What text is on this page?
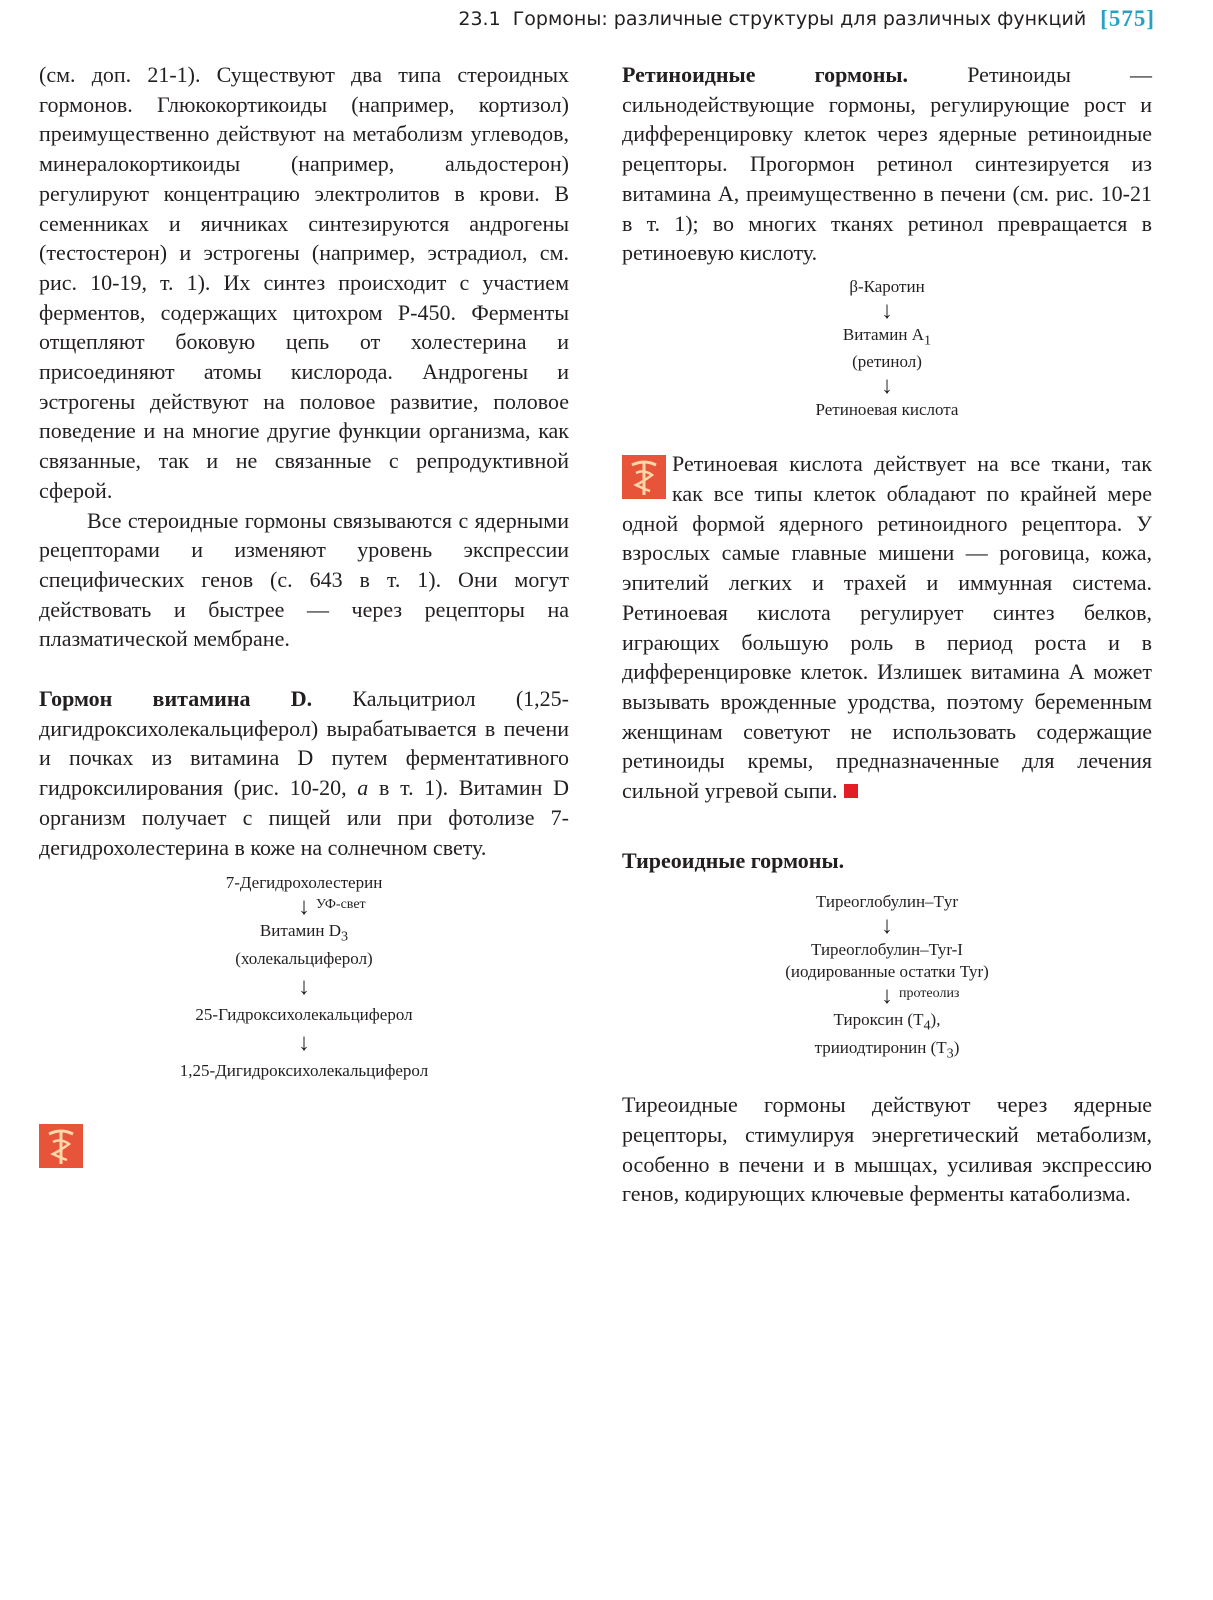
23.1 Гормоны: различные структуры для различных функций [575]

(см. доп. 21-1). Существуют два типа стероидных гормонов. Глюкокортикоиды (например, кортизол) преимущественно действуют на метаболизм углеводов, минералокортикоиды (например, альдостерон) регулируют концентрацию электролитов в крови. В семенниках и яичниках синтезируются андрогены (тестостерон) и эстрогены (например, эстрадиол, см. рис. 10-19, т. 1). Их синтез происходит с участием ферментов, содержащих цитохром Р-450. Ферменты отщепляют боковую цепь от холестерина и присоединяют атомы кислорода. Андрогены и эстрогены действуют на половое развитие, половое поведение и на многие другие функции организма, как связанные, так и не связанные с репродуктивной сферой.

Все стероидные гормоны связываются с ядерными рецепторами и изменяют уровень экспрессии специфических генов (с. 643 в т. 1). Они могут действовать и быстрее — через рецепторы на плазматической мембране.

Гормон витамина D. Кальцитриол (1,25-дигидроксихолекальциферол) вырабатывается в печени и почках из витамина D путем ферментативного гидроксилирования (рис. 10-20, а в т. 1). Витамин D организм получает с пищей или при фотолизе 7-дегидрохолестерина в коже на солнечном свету.

7-Дегидрохолестерин
↓ УФ-свет
Витамин $D_3$
(холекальциферол)
↓
25-Гидроксихолекальциферол
↓
1,25-Дигидроксихолекальциферол

Ретиноидные гормоны.	Ретиноиды — сильнодействующие гормоны, регулирующие рост и дифференцировку клеток через ядерные ретиноидные рецепторы. Прогормон ретинол синтезируется из витамина А, преимущественно в печени (см. рис. 10-21 в т. 1); во многих тканях ретинол превращается в ретиноевую кислоту.

β-Каротин
↓
Витамин $A_1$
(ретинол)
↓
Ретиноевая кислота

Ретиноевая кислота действует на все ткани, так как все типы клеток обладают по крайней мере одной формой ядерного ретиноидного рецептора. У взрослых самые главные мишени — роговица, кожа, эпителий легких и трахей и иммунная система. Ретиноевая кислота регулирует синтез белков, играющих большую роль в период роста и в дифференцировке клеток. Излишек витамина А может вызывать врожденные уродства, поэтому беременным женщинам советуют не использовать содержащие ретиноиды кремы, предназначенные для лечения сильной угревой сыпи.

Тиреоидные гормоны.

Тиреоглобулин–Тyr
↓
Тиреоглобулин–Tyr-I
(иодированные остатки Tyr)
↓ протеолиз
Тироксин $(T_4)$,
трииодтиронин $(T_3)$

Тиреоидные гормоны действуют через ядерные рецепторы, стимулируя энергетический метаболизм, особенно в печени и в мышцах, усиливая экспрессию генов, кодирующих ключевые ферменты катаболизма.
